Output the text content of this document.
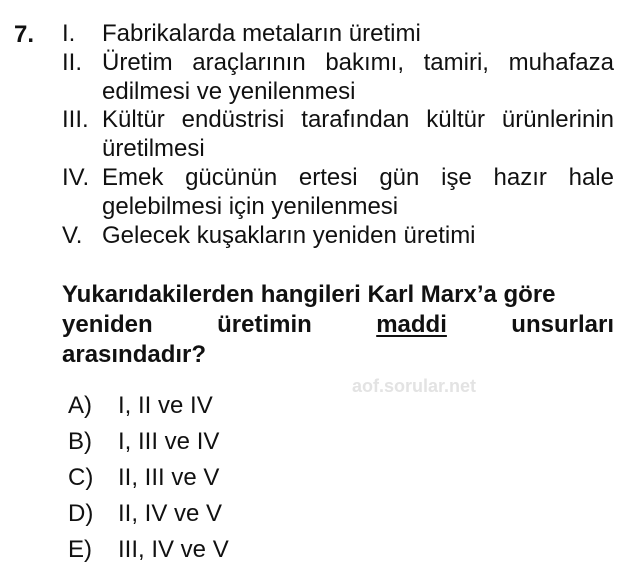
7. I.	Fabrikalarda metaların üretimi
II. Üretim araçlarının bakımı, tamiri, muhafaza edilmesi ve yenilenmesi
III. Kültür endüstrisi tarafından kültür ürünlerinin üretilmesi
IV. Emek gücünün ertesi gün işe hazır hale gelebilmesi için yenilenmesi
V. Gelecek kuşakların yeniden üretimi
Yukarıdakilerden hangileri Karl Marx’a göre
yeniden	üretimin	maddi	unsurları
arasındadır?
aof.sorular.net
A)	I, II ve IV
B)	I, III ve IV
C)	II, III ve V
D)	II, IV ve V
E)	III, IV ve V
